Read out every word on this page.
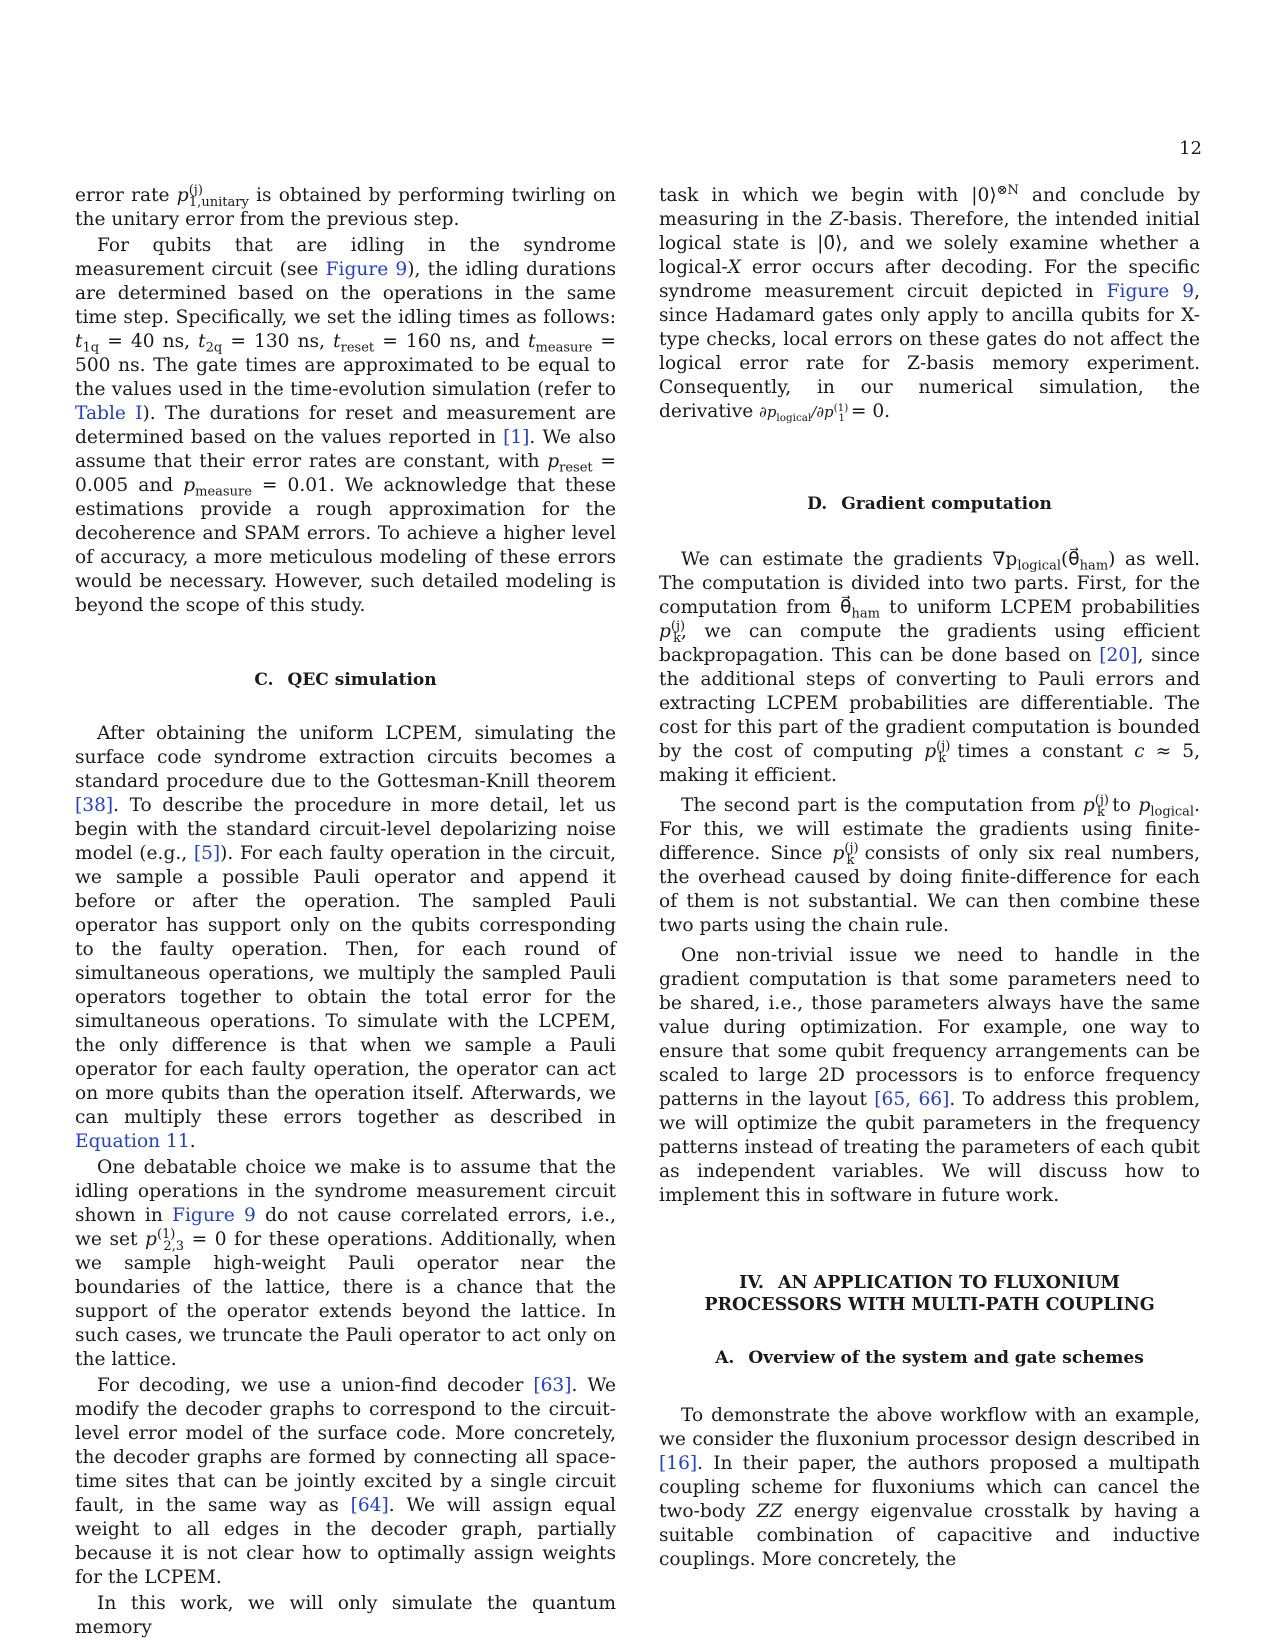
12

error rate $p^{(j)}_{1,unitary}$ is obtained by performing twirling on the unitary error from the previous step.

For qubits that are idling in the syndrome measurement circuit (see Figure 9), the idling durations are determined based on the operations in the same time step. Specifically, we set the idling times as follows: $t_{1q} = 40$ ns, $t_{2q} = 130$ ns, $t_{reset} = 160$ ns, and $t_{measure} = 500$ ns. The gate times are approximated to be equal to the values used in the time-evolution simulation (refer to Table I). The durations for reset and measurement are determined based on the values reported in [1]. We also assume that their error rates are constant, with $p_{reset} = 0.005$ and $p_{measure} = 0.01$. We acknowledge that these estimations provide a rough approximation for the decoherence and SPAM errors. To achieve a higher level of accuracy, a more meticulous modeling of these errors would be necessary. However, such detailed modeling is beyond the scope of this study.

C. QEC simulation

After obtaining the uniform LCPEM, simulating the surface code syndrome extraction circuits becomes a standard procedure due to the Gottesman-Knill theorem [38]. To describe the procedure in more detail, let us begin with the standard circuit-level depolarizing noise model (e.g., [5]). For each faulty operation in the circuit, we sample a possible Pauli operator and append it before or after the operation. The sampled Pauli operator has support only on the qubits corresponding to the faulty operation. Then, for each round of simultaneous operations, we multiply the sampled Pauli operators together to obtain the total error for the simultaneous operations. To simulate with the LCPEM, the only difference is that when we sample a Pauli operator for each faulty operation, the operator can act on more qubits than the operation itself. Afterwards, we can multiply these errors together as described in Equation 11.

One debatable choice we make is to assume that the idling operations in the syndrome measurement circuit shown in Figure 9 do not cause correlated errors, i.e., we set $p^{(1)}_{2,3} = 0$ for these operations. Additionally, when we sample high-weight Pauli operator near the boundaries of the lattice, there is a chance that the support of the operator extends beyond the lattice. In such cases, we truncate the Pauli operator to act only on the lattice.

For decoding, we use a union-find decoder [63]. We modify the decoder graphs to correspond to the circuit-level error model of the surface code. More concretely, the decoder graphs are formed by connecting all space-time sites that can be jointly excited by a single circuit fault, in the same way as [64]. We will assign equal weight to all edges in the decoder graph, partially because it is not clear how to optimally assign weights for the LCPEM.

In this work, we will only simulate the quantum memory

task in which we begin with |0⟩$^{\otimes N}$ and conclude by measuring in the Z-basis. Therefore, the intended initial logical state is |0̄⟩, and we solely examine whether a logical-X error occurs after decoding. For the specific syndrome measurement circuit depicted in Figure 9, since Hadamard gates only apply to ancilla qubits for X-type checks, local errors on these gates do not affect the logical error rate for Z-basis memory experiment. Consequently, in our numerical simulation, the derivative $\partial p_{logical}/\partial p^{(1)}_1 = 0$.

D. Gradient computation

We can estimate the gradients $\nabla p_{logical}(\theta⃗_{ham})$ as well. The computation is divided into two parts. First, for the computation from $\theta⃗_{ham}$ to uniform LCPEM probabilities $p^{(j)}_k$, we can compute the gradients using efficient backpropagation. This can be done based on [20], since the additional steps of converting to Pauli errors and extracting LCPEM probabilities are differentiable. The cost for this part of the gradient computation is bounded by the cost of computing $p^{(j)}_k$ times a constant c ≈ 5, making it efficient.

The second part is the computation from $p^{(j)}_k$ to $p_{logical}$. For this, we will estimate the gradients using finite-difference. Since $p^{(j)}_k$ consists of only six real numbers, the overhead caused by doing finite-difference for each of them is not substantial. We can then combine these two parts using the chain rule.

One non-trivial issue we need to handle in the gradient computation is that some parameters need to be shared, i.e., those parameters always have the same value during optimization. For example, one way to ensure that some qubit frequency arrangements can be scaled to large 2D processors is to enforce frequency patterns in the layout [65, 66]. To address this problem, we will optimize the qubit parameters in the frequency patterns instead of treating the parameters of each qubit as independent variables. We will discuss how to implement this in software in future work.

IV. AN APPLICATION TO FLUXONIUM
PROCESSORS WITH MULTI-PATH COUPLING
A. Overview of the system and gate schemes

To demonstrate the above workflow with an example, we consider the fluxonium processor design described in [16]. In their paper, the authors proposed a multipath coupling scheme for fluxoniums which can cancel the two-body ZZ energy eigenvalue crosstalk by having a suitable combination of capacitive and inductive couplings. More concretely, the
